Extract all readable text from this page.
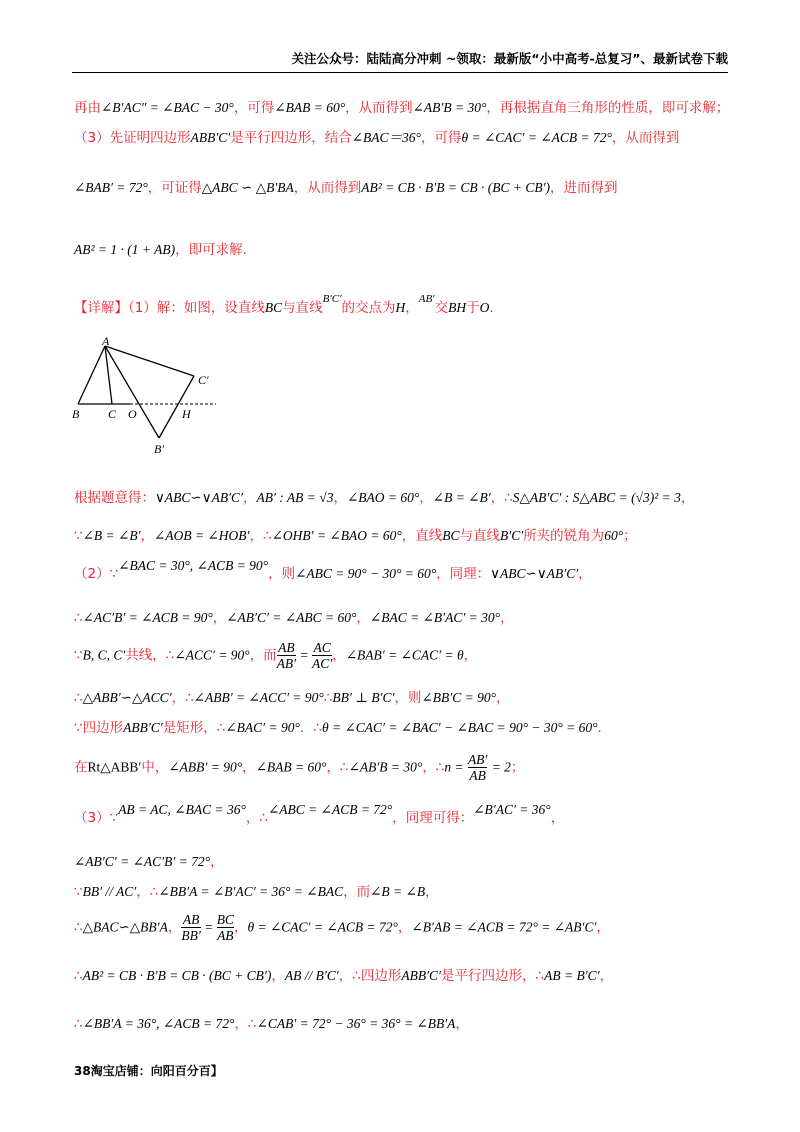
关注公众号：陆陆高分冲刺 ~领取：最新版“小中高考-总复习”、最新试卷下载
再由∠B′AC″ = ∠BAC − 30°，可得∠BAB = 60°，从而得到∠AB′B = 30°，再根据直角三角形的性质，即可求解；
（3）先证明四边形ABB′C′是平行四边形，结合∠BAC＝36°，可得θ = ∠CAC′ = ∠ACB = 72°，从而得到
∠BAB′ = 72°，可证得△ABC ∽ △B′BA，从而得到AB² = CB · B′B = CB · (BC + CB′)，进而得到
AB² = 1 · (1 + AB)，即可求解.
【详解】（1）解：如图，设直线BC与直线$^{B'C'}$的交点为H，$^{AB'}$交BH于O.
A
B C O	H
C′
B′
根据题意得：∨ABC∽∨AB′C′，AB′ : AB = √3，∠BAO = 60°，∠B = ∠B′，∴S△AB′C′ : S△ABC = (√3)² = 3，
∵∠B = ∠B′，∠AOB = ∠HOB′，∴∠OHB′ = ∠BAO = 60°，直线BC与直线B′C′所夹的锐角为60°；
（2）∵∠BAC = 30°, ∠ACB = 90°，则∠ABC = 90° − 30° = 60°，同理：∨ABC∽∨AB′C′，
∴∠AC′B′ = ∠ACB = 90°，∠AB′C′ = ∠ABC = 60°，∠BAC = ∠B′AC′ = 30°，
∵B, C, C′共线，∴∠ACC′ = 90°，而 $\frac{AB}{AB'} = \frac{AC}{AC'}$ ，∠BAB′ = ∠CAC′ = θ，
∴△ABB′∽△ACC′，∴∠ABB′ = ∠ACC′ = 90°∴BB′ ⊥ B′C′，则∠BB′C = 90°，
∵四边形ABB′C′是矩形，∴∠BAC′ = 90°．∴θ = ∠CAC′ = ∠BAC′ − ∠BAC = 90° − 30° = 60°．
在Rt△ABB′中，∠ABB′ = 90°，∠BAB = 60°，∴∠AB′B = 30°，∴n = $\frac{AB'}{AB} = 2$；
（3）∵AB = AC, ∠BAC = 36°，∴∠ABC = ∠ACB = 72°，同理可得：∠B′AC′ = 36°，
∠AB′C′ = ∠AC′B′ = 72°，
∵BB′ // AC′，∴∠BB′A = ∠B′AC′ = 36° = ∠BAC，而∠B = ∠B，
∴△BAC∽△BB′A， $\frac{AB}{BB'} = \frac{BC}{AB}$ ，θ = ∠CAC′ = ∠ACB = 72°，∠B′AB = ∠ACB = 72° = ∠AB′C′，
∴AB² = CB · B′B = CB · (BC + CB′)，AB // B′C′，∴四边形ABB′C′是平行四边形，∴AB = B′C′，
∴∠BB′A = 36°, ∠ACB = 72°，∴∠CAB′ = 72° − 36° = 36° = ∠BB′A，
38淘宝店铺：向阳百分百】
